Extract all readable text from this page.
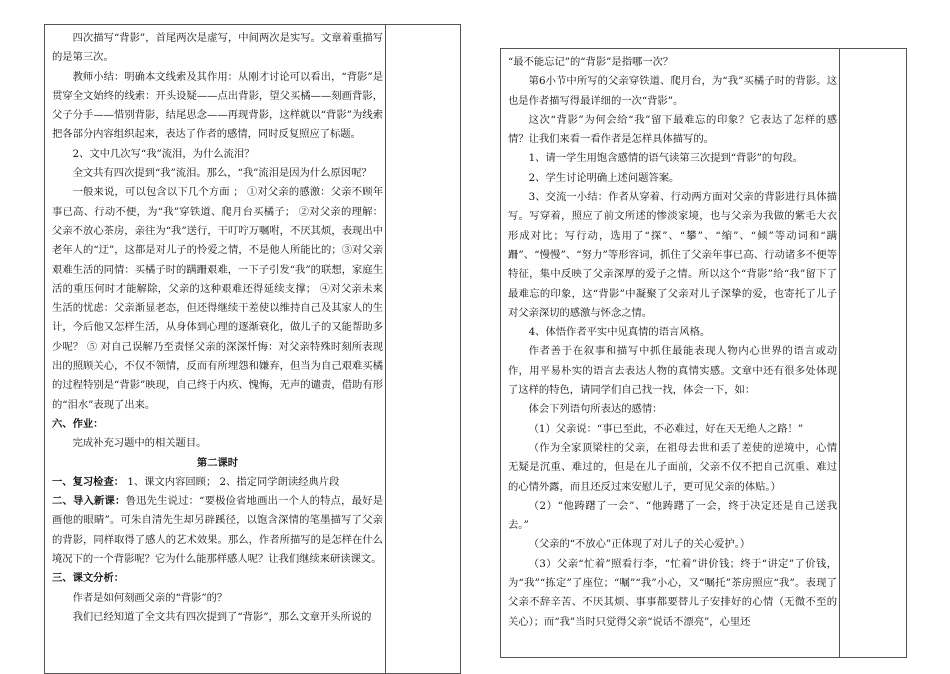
四次描写“背影”，首尾两次是虚写，中间两次是实写。文章着重描写的是第三次。

教师小结：明确本文线索及其作用：从刚才讨论可以看出，“背影”是贯穿全文始终的线索：开头设疑——点出背影，望父买橘——刻画背影，父子分手——惜别背影，结尾思念——再现背影，这样就以“背影”为线索把各部分内容组织起来，表达了作者的感情，同时反复照应了标题。

2、文中几次写“我”流泪，为什么流泪？

全文共有四次提到“我”流泪。那么，“我”流泪是因为什么原因呢？

一般来说，可以包含以下几个方面 ； ①对父亲的感激：父亲不顾年事已高、行动不便，为“我”穿铁道、爬月台买橘子； ②对父亲的理解：父亲不放心茶房，亲往为“我”送行，干叮咛万嘱咐，不厌其烦，表现出中老年人的“迂”，这都是对儿子的怜爱之情，不是他人所能比的；③对父亲艰难生活的同情：买橘子时的蹒跚艰难，一下子引发“我”的联想，家庭生活的重压何时才能解除，父亲的这种艰难还得延续支撑； ④对父亲未来生活的忧虑：父亲渐显老态，但还得继续干差使以维持自己及其家人的生计，今后他又怎样生活，从身体到心理的逐渐衰化，做儿子的又能帮助多少呢？ ⑤ 对自己误解乃至责怪父亲的深深忏悔：对父亲特殊时刻所表现出的照顾关心，不仅不领情，反而有所埋怨和嫌弃，但当为自己艰难买橘的过程特别是“背影”映现，自己终于内疚、愧悔，无声的谴责，借助有形的“泪水”表现了出来。

六、作业：

完成补充习题中的相关题目。

第二课时

一、复习检查： 1、课文内容回顾； 2、指定同学朗读经典片段

二、导入新课：鲁迅先生说过：“要极俭省地画出一个人的特点，最好是画他的眼睛”。可朱自清先生却另辟蹊径，以饱含深情的笔墨描写了父亲的背影，同样取得了感人的艺术效果。那么，作者所描写的是怎样在什么境况下的一个背影呢？它为什么能那样感人呢？让我们继续来研读课文。

三、课文分析：

作者是如何刻画父亲的“背影”的？

我们已经知道了全文共有四次提到了“背影”，那么文章开头所说的

“最不能忘记”的“背影”是指哪一次？

第6小节中所写的父亲穿铁道、爬月台，为“我”买橘子时的背影。这也是作者描写得最详细的一次“背影”。

这次“背影”为何会给“我”留下最难忘的印象？它表达了怎样的感情？让我们来看一看作者是怎样具体描写的。

1、请一学生用饱含感情的语气读第三次提到“背影”的句段。

2、学生讨论明确上述问题答案。

3、交流一小结：作者从穿着、行动两方面对父亲的背影进行具体描写。写穿着，照应了前文所述的惨淡家境，也与父亲为我做的紫毛大衣形成对比；写行动，选用了“探”、“攀”、“缩”、“倾”等动词和“蹒跚”、“慢慢”、“努力”等形容词，抓住了父亲年事已高、行动诸多不便等特征，集中反映了父亲深厚的爱子之情。所以这个“背影”给“我”留下了最难忘的印象，这“背影”中凝聚了父亲对儿子深挚的爱，也寄托了儿子对父亲深切的感激与怀念之情。

4、体悟作者平实中见真情的语言风格。

作者善于在叙事和描写中抓住最能表现人物内心世界的语言或动作，用平易朴实的语言去表达人物的真情实感。文章中还有很多处体现了这样的特色，请同学们自己找一找，体会一下，如：

体会下列语句所表达的感情：

（1）父亲说：“事已至此，不必难过，好在天无绝人之路！”

（作为全家顶梁柱的父亲，在祖母去世和丢了差使的逆境中，心情无疑是沉重、难过的，但是在儿子面前，父亲不仅不把自己沉重、难过的心情外露，而且还反过来安慰儿子，更可见父亲的体贴。）

（2）“他踌躇了一会”、“他踌躇了一会，终于决定还是自己送我去。”

（父亲的“不放心”正体现了对儿子的关心爱护。）

（3）父亲“忙着”照看行李，“忙着”讲价钱；终于“讲定”了价钱，为“我”“拣定”了座位；“嘱”“我”小心，又“嘱托”茶房照应“我”。表现了父亲不辞辛苦、不厌其烦、事事都要替儿子安排好的心情（无微不至的关心）；而“我”当时只觉得父亲“说话不漂亮”，心里还
